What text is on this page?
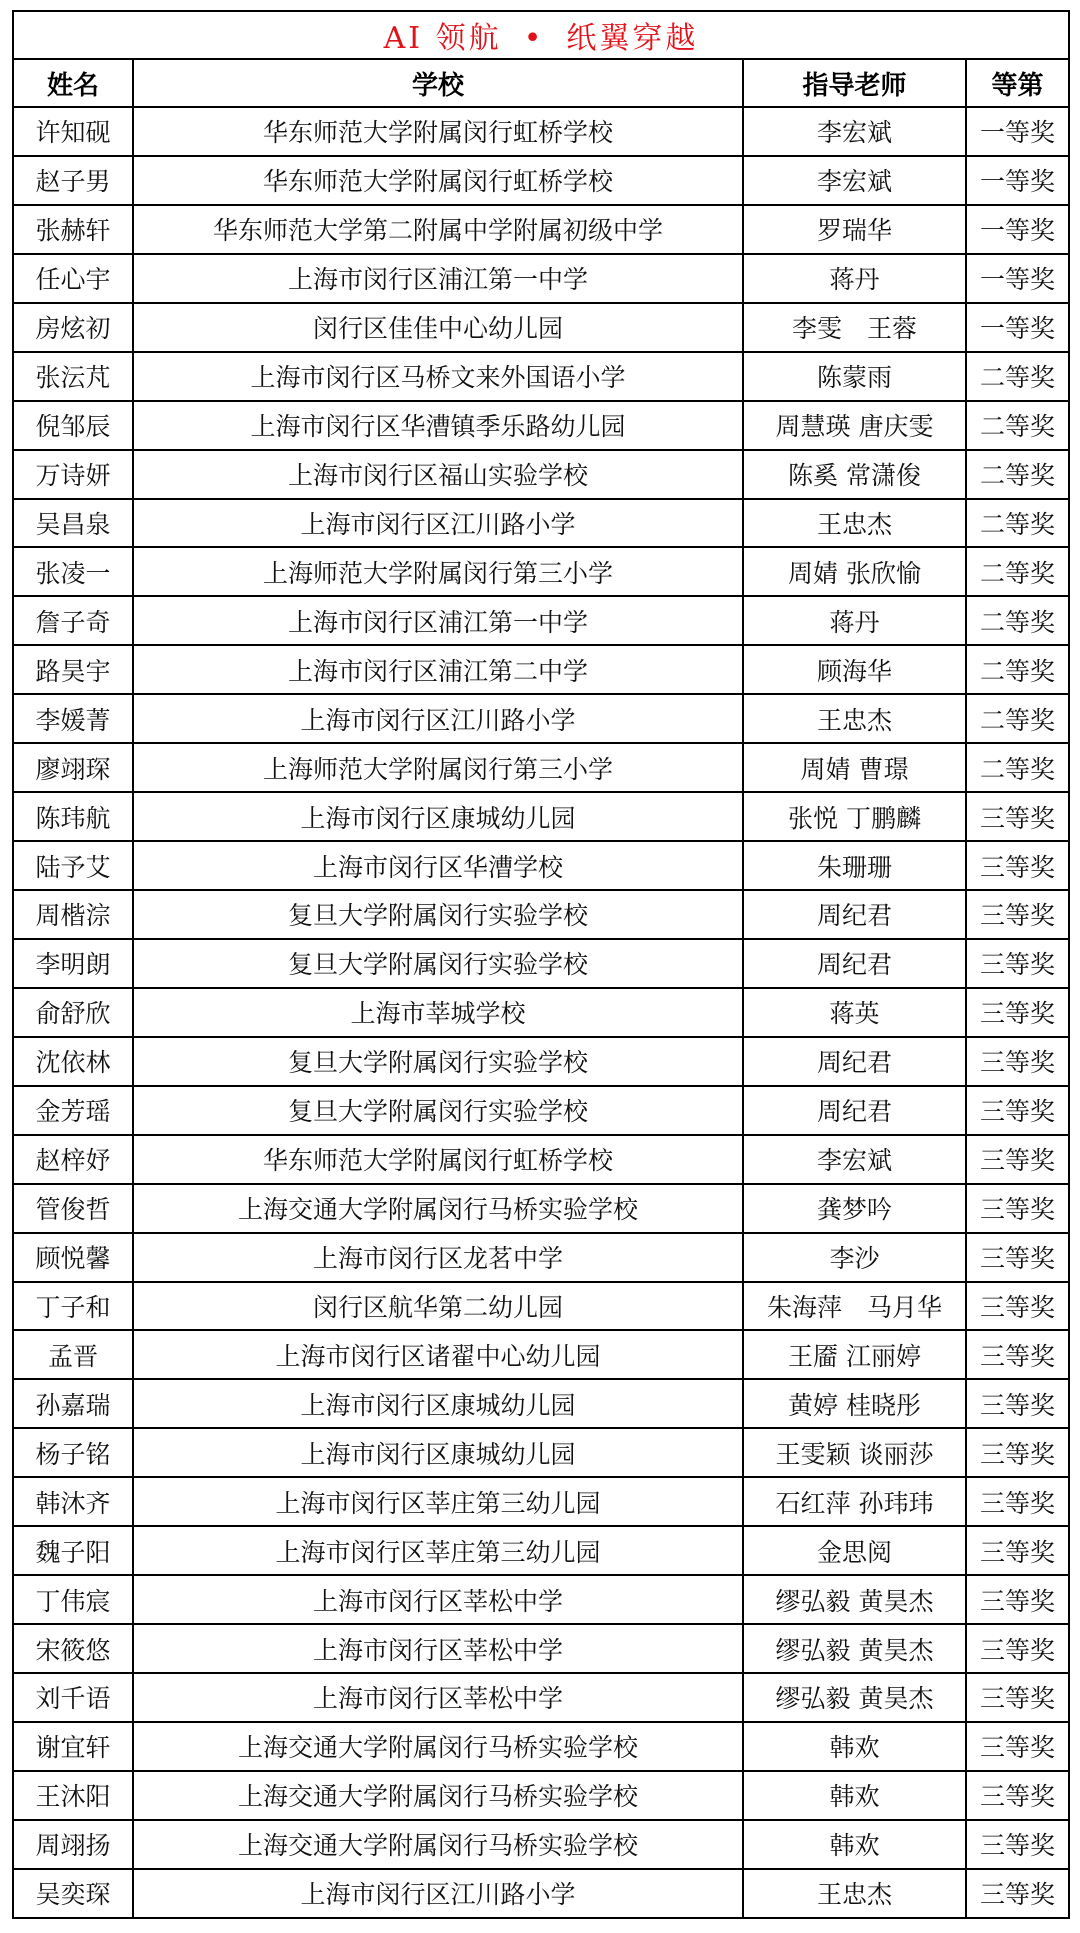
AI 领航 • 纸翼穿越			
姓名	学校	指导老师	等第
许知砚	华东师范大学附属闵行虹桥学校	李宏斌	一等奖
赵子男	华东师范大学附属闵行虹桥学校	李宏斌	一等奖
张赫轩	华东师范大学第二附属中学附属初级中学	罗瑞华	一等奖
任心宇	上海市闵行区浦江第一中学	蒋丹	一等奖
房炫初	闵行区佳佳中心幼儿园	李雯　王蓉	一等奖
张沄芃	上海市闵行区马桥文来外国语小学	陈蒙雨	二等奖
倪邹辰	上海市闵行区华漕镇季乐路幼儿园	周慧瑛 唐庆雯	二等奖
万诗妍	上海市闵行区福山实验学校	陈奚 常潇俊	二等奖
吴昌泉	上海市闵行区江川路小学	王忠杰	二等奖
张凌一	上海师范大学附属闵行第三小学	周婧 张欣愉	二等奖
詹子奇	上海市闵行区浦江第一中学	蒋丹	二等奖
路昊宇	上海市闵行区浦江第二中学	顾海华	二等奖
李媛菁	上海市闵行区江川路小学	王忠杰	二等奖
廖翊琛	上海师范大学附属闵行第三小学	周婧 曹璟	二等奖
陈玮航	上海市闵行区康城幼儿园	张悦 丁鹏麟	三等奖
陆予艾	上海市闵行区华漕学校	朱珊珊	三等奖
周楷淙	复旦大学附属闵行实验学校	周纪君	三等奖
李明朗	复旦大学附属闵行实验学校	周纪君	三等奖
俞舒欣	上海市莘城学校	蒋英	三等奖
沈依林	复旦大学附属闵行实验学校	周纪君	三等奖
金芳瑶	复旦大学附属闵行实验学校	周纪君	三等奖
赵梓妤	华东师范大学附属闵行虹桥学校	李宏斌	三等奖
管俊哲	上海交通大学附属闵行马桥实验学校	龚梦吟	三等奖
顾悦馨	上海市闵行区龙茗中学	李沙	三等奖
丁子和	闵行区航华第二幼儿园	朱海萍　马月华	三等奖
孟晋	上海市闵行区诸翟中心幼儿园	王靥 江丽婷	三等奖
孙嘉瑞	上海市闵行区康城幼儿园	黄婷 桂晓彤	三等奖
杨子铭	上海市闵行区康城幼儿园	王雯颖 谈丽莎	三等奖
韩沐齐	上海市闵行区莘庄第三幼儿园	石红萍 孙玮玮	三等奖
魏子阳	上海市闵行区莘庄第三幼儿园	金思阅	三等奖
丁伟宸	上海市闵行区莘松中学	缪弘毅 黄昊杰	三等奖
宋筱悠	上海市闵行区莘松中学	缪弘毅 黄昊杰	三等奖
刘千语	上海市闵行区莘松中学	缪弘毅 黄昊杰	三等奖
谢宜轩	上海交通大学附属闵行马桥实验学校	韩欢	三等奖
王沐阳	上海交通大学附属闵行马桥实验学校	韩欢	三等奖
周翊扬	上海交通大学附属闵行马桥实验学校	韩欢	三等奖
吴奕琛	上海市闵行区江川路小学	王忠杰	三等奖
